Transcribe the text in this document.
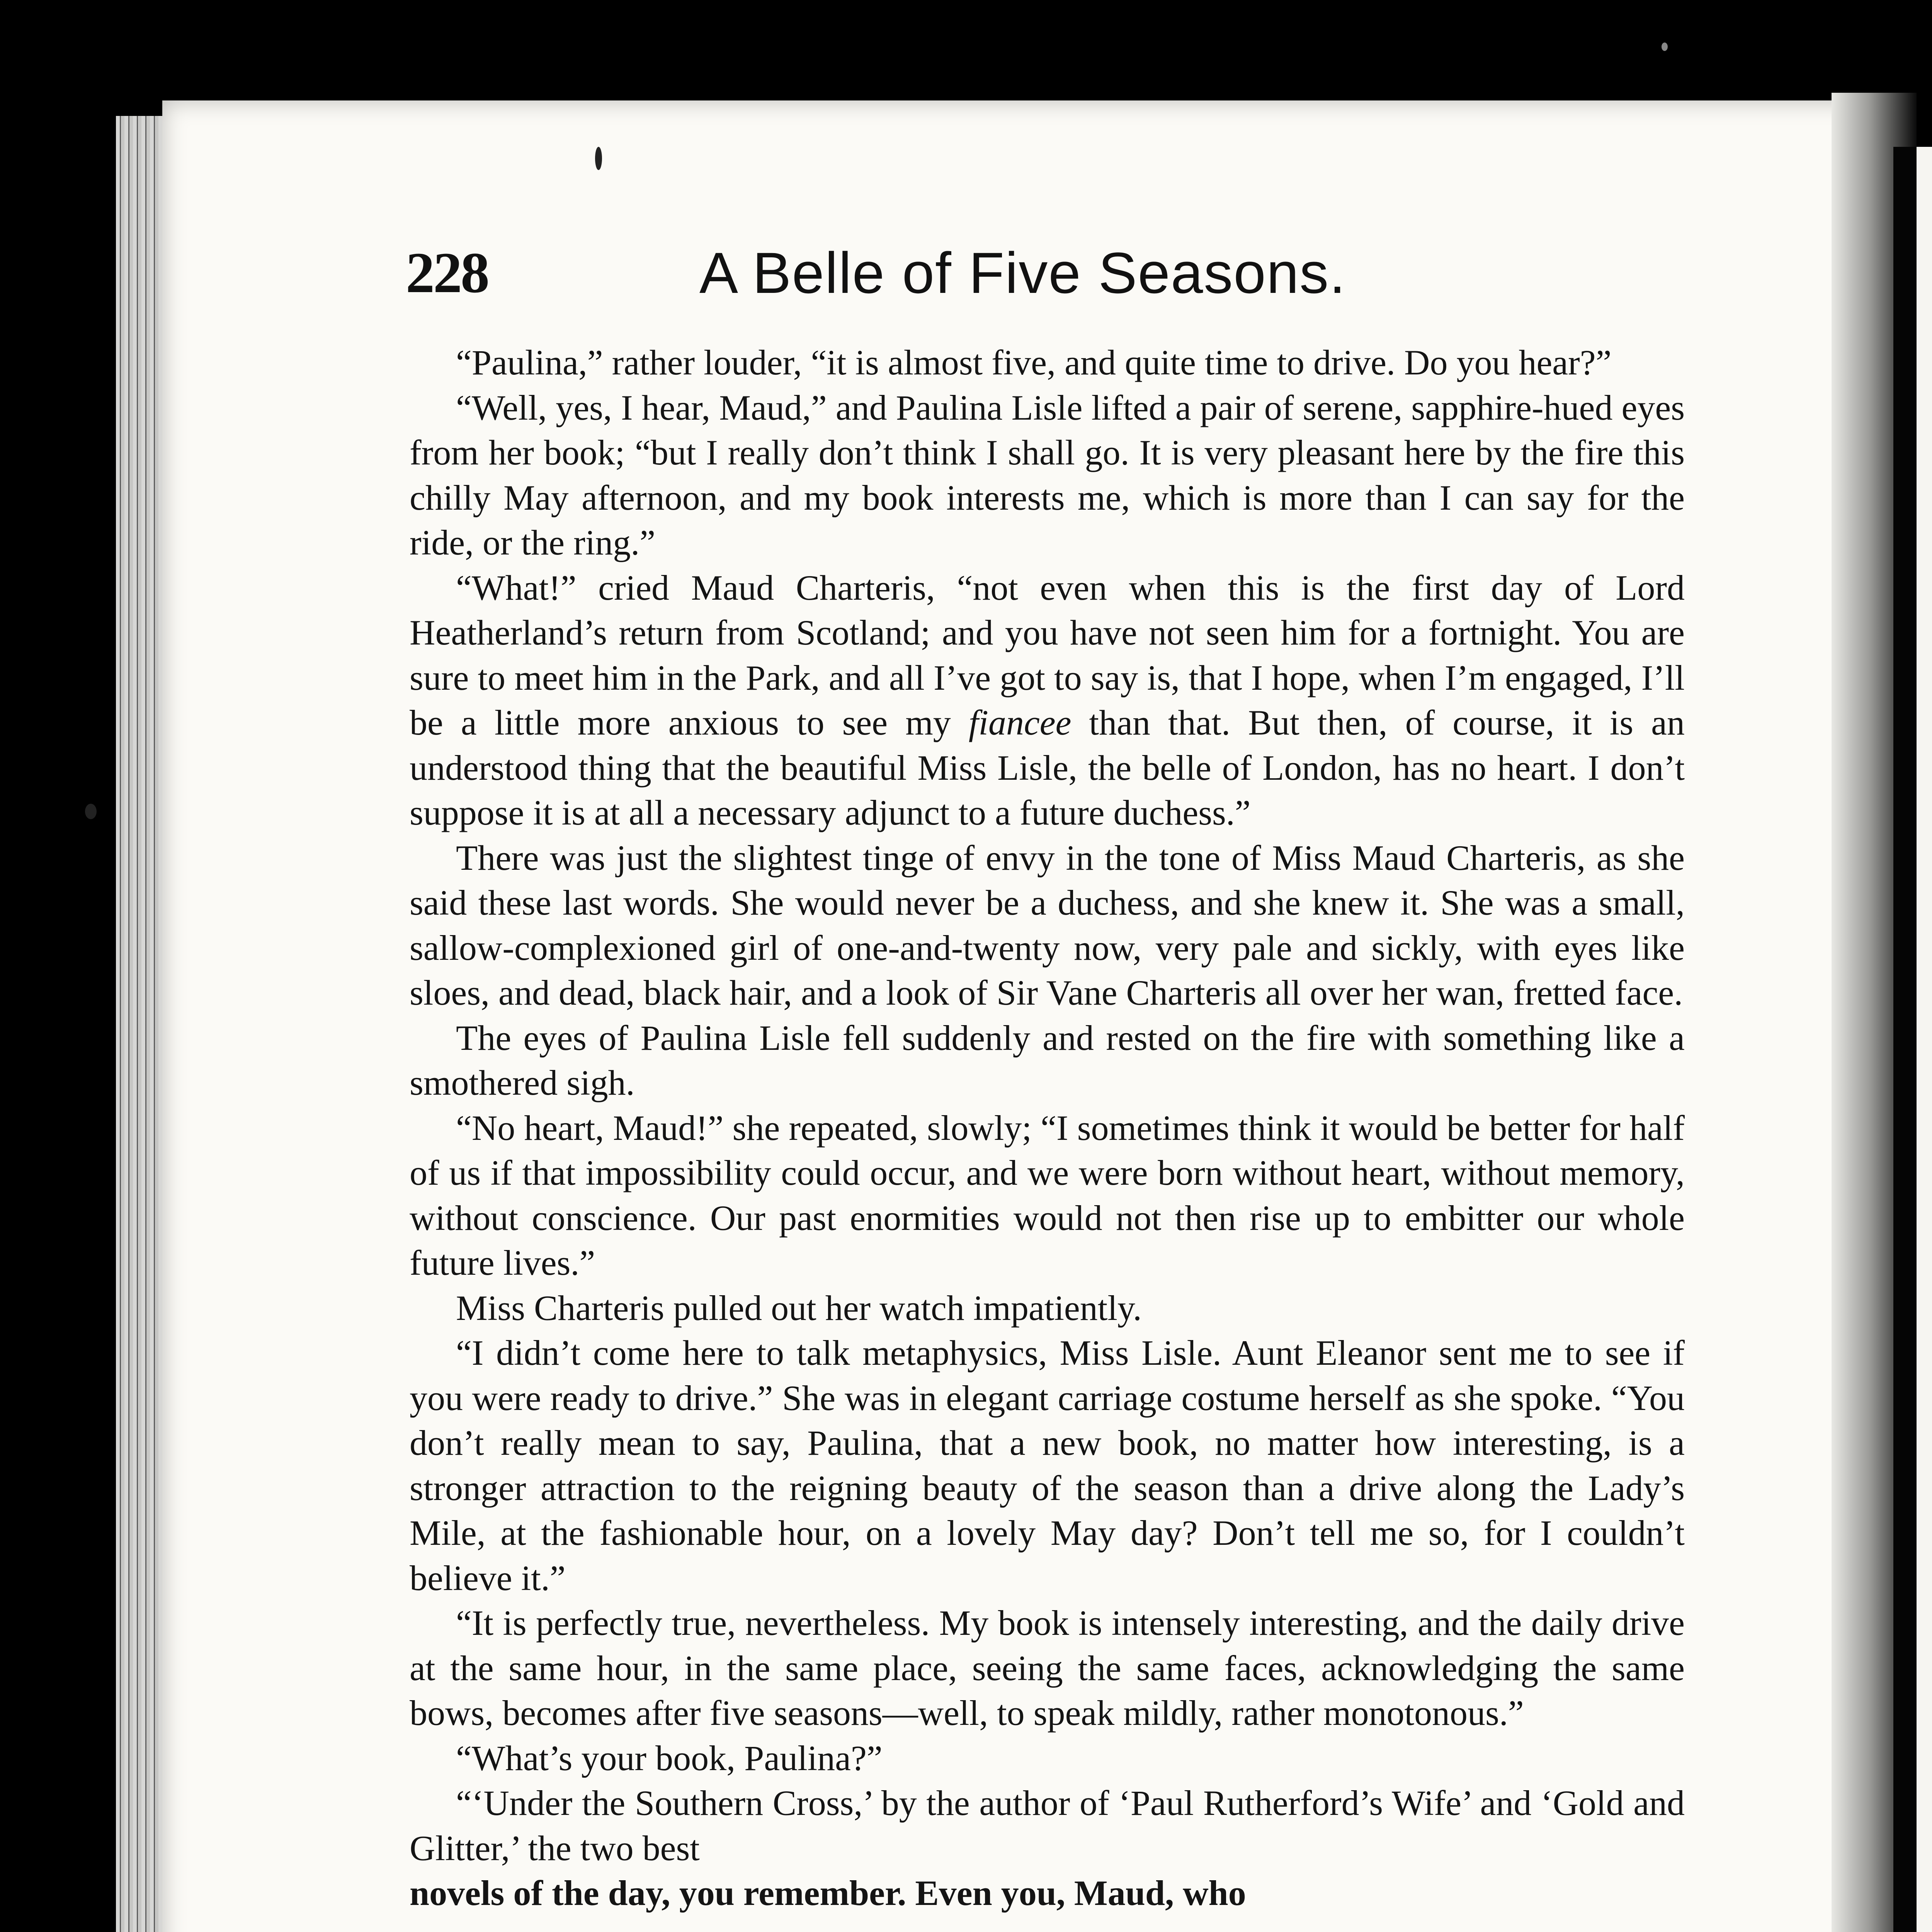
228	A Belle of Five Seasons.

“Paulina,” rather louder, “it is almost five, and quite time to drive. Do you hear?”

“Well, yes, I hear, Maud,” and Paulina Lisle lifted a pair of serene, sapphire-hued eyes from her book; “but I really don’t think I shall go. It is very pleasant here by the fire this chilly May afternoon, and my book interests me, which is more than I can say for the ride, or the ring.”

“What!” cried Maud Charteris, “not even when this is the first day of Lord Heatherland’s return from Scotland; and you have not seen him for a fortnight. You are sure to meet him in the Park, and all I’ve got to say is, that I hope, when I’m engaged, I’ll be a little more anxious to see my fiancee than that. But then, of course, it is an understood thing that the beautiful Miss Lisle, the belle of London, has no heart. I don’t suppose it is at all a necessary adjunct to a future duchess.”

There was just the slightest tinge of envy in the tone of Miss Maud Charteris, as she said these last words. She would never be a duchess, and she knew it. She was a small, sallow-complexioned girl of one-and-twenty now, very pale and sickly, with eyes like sloes, and dead, black hair, and a look of Sir Vane Charteris all over her wan, fretted face.

The eyes of Paulina Lisle fell suddenly and rested on the fire with something like a smothered sigh.

“No heart, Maud!” she repeated, slowly; “I sometimes think it would be better for half of us if that impossibility could occur, and we were born without heart, without memory, without conscience. Our past enormities would not then rise up to embitter our whole future lives.”

Miss Charteris pulled out her watch impatiently.

“I didn’t come here to talk metaphysics, Miss Lisle. Aunt Eleanor sent me to see if you were ready to drive.” She was in elegant carriage costume herself as she spoke. “You don’t really mean to say, Paulina, that a new book, no matter how interesting, is a stronger attraction to the reigning beauty of the season than a drive along the Lady’s Mile, at the fashionable hour, on a lovely May day? Don’t tell me so, for I couldn’t believe it.”

“It is perfectly true, nevertheless. My book is intensely interesting, and the daily drive at the same hour, in the same place, seeing the same faces, acknowledging the same bows, becomes after five seasons—well, to speak mildly, rather monotonous.”

“What’s your book, Paulina?”

“‘Under the Southern Cross,’ by the author of ‘Paul Rutherford’s Wife’ and ‘Gold and Glitter,’ the two best

novels of the day, you remember. Even you, Maud, who
